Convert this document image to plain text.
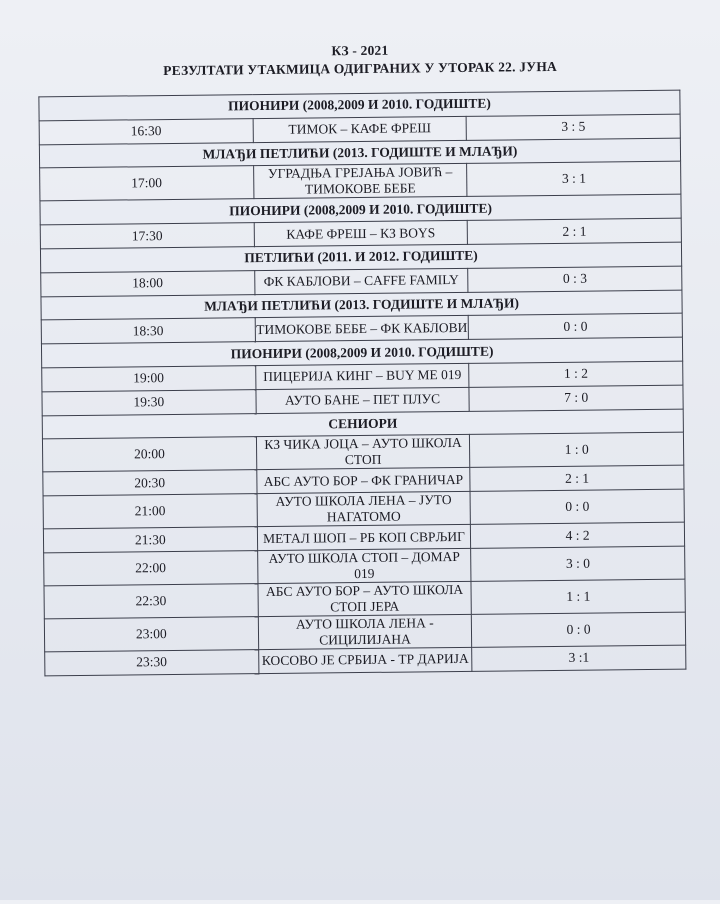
КЗ - 2021
РЕЗУЛТАТИ УТАКМИЦА ОДИГРАНИХ У УТОРАК 22. ЈУНА
ПИОНИРИ (2008,2009 И 2010. ГОДИШТЕ)		
16:30	ТИМОК – КАФЕ ФРЕШ	3 : 5
МЛАЂИ ПЕТЛИЋИ (2013. ГОДИШТЕ И МЛАЂИ)		
17:00	УГРАДЊА ГРЕЈАЊА ЈОВИЋ – ТИМОКОВЕ БЕБЕ	3 : 1
ПИОНИРИ (2008,2009 И 2010. ГОДИШТЕ)		
17:30	КАФЕ ФРЕШ – КЗ BOYS	2 : 1
ПЕТЛИЋИ (2011. И 2012. ГОДИШТЕ)		
18:00	ФК КАБЛОВИ – CAFFE FAMILY	0 : 3
МЛАЂИ ПЕТЛИЋИ (2013. ГОДИШТЕ И МЛАЂИ)		
18:30	ТИМОКОВЕ БЕБЕ – ФК КАБЛОВИ	0 : 0
ПИОНИРИ (2008,2009 И 2010. ГОДИШТЕ)		
19:00	ПИЦЕРИЈА КИНГ – BUY ME 019	1 : 2
19:30	АУТО БАНЕ – ПЕТ ПЛУС	7 : 0
СЕНИОРИ		
20:00	КЗ ЧИКА ЈОЦА – АУТО ШКОЛА СТОП	1 : 0
20:30	АБС АУТО БОР – ФК ГРАНИЧАР	2 : 1
21:00	АУТО ШКОЛА ЛЕНА – ЈУТО НАГАТОМО	0 : 0
21:30	МЕТАЛ ШОП – РБ КОП СВРЉИГ	4 : 2
22:00	АУТО ШКОЛА СТОП – ДОМАР 019	3 : 0
22:30	АБС АУТО БОР – АУТО ШКОЛА СТОП ЈЕРА	1 : 1
23:00	АУТО ШКОЛА ЛЕНА - СИЦИЛИЈАНА	0 : 0
23:30	КОСОВО ЈЕ СРБИЈА - ТР ДАРИЈА	3 :1
